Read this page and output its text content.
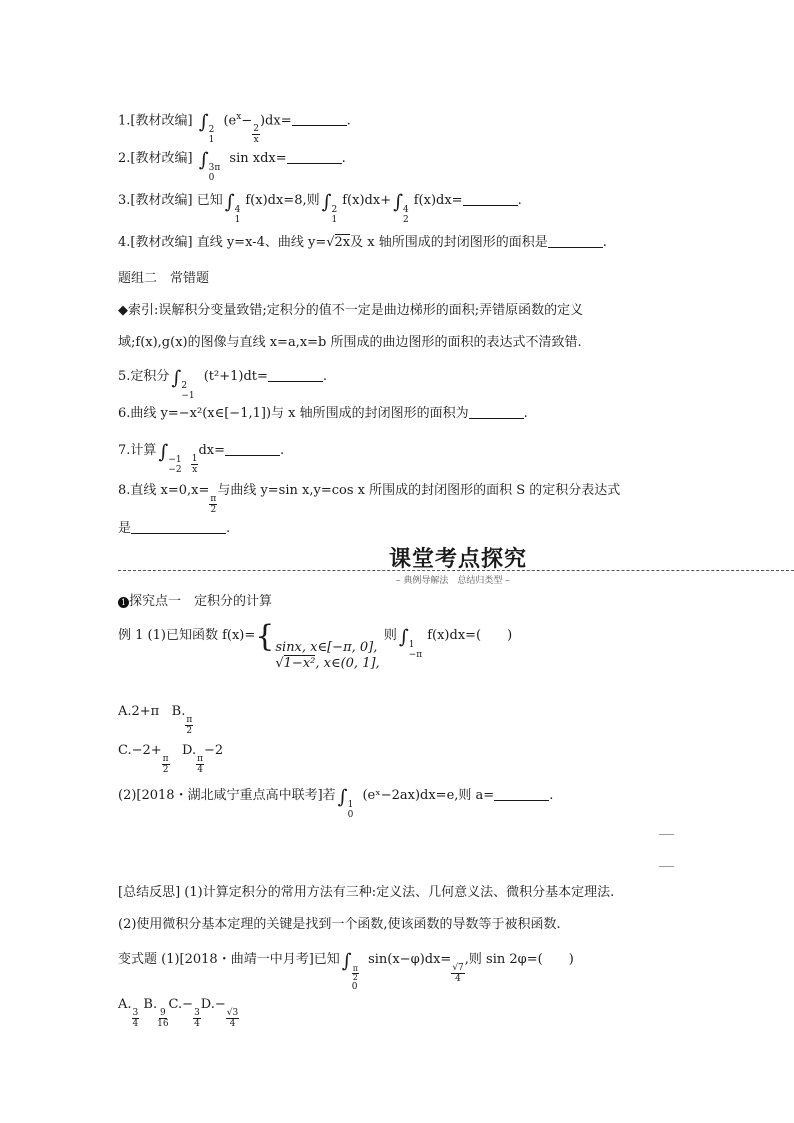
1.[教材改编] ∫ 2
1
($e^x-$
$\frac{2}{x}$
)dx=	.
2.[教材改编] ∫ 3π
0
sin xdx=	.
3.[教材改编] 已知 ∫ 4
1
f(x)dx=8,则 ∫ 2
1
f(x)dx+ ∫ 4
2
f(x)dx=	.
4.[教材改编] 直线 y=x-4、曲线 y=√2x及 x 轴所围成的封闭图形的面积是	.
题组二　常错题
◆索引:误解积分变量致错;定积分的值不一定是曲边梯形的面积;弄错原函数的定义
域;f(x),g(x)的图像与直线 x=a,x=b 所围成的曲边图形的面积的表达式不清致错.
5.定积分 ∫ 2
−1
(t²+1)dt=	.
6.曲线 y=−x²(x∈[−1,1])与 x 轴所围成的封闭图形的面积为	.
7.计算 ∫ −1
−2
$\frac{1}{x}$
dx=	.
8.直线 x=0,x=
$\frac{\pi}{2}$
与曲线 y=sin x,y=cos x 所围成的封闭图形的面积 S 的定积分表达式
是	.
课堂考点探究
– 典例导解法　总结归类型 –
1 探究点一　定积分的计算
例 1 (1)已知函数 f(x)={ sinx, x∈[−π, 0],
√1−x², x∈(0, 1],
则 ∫ 1
−π
f(x)dx=(　　)
A.2+π B.
$\frac{\pi}{2}$
C.−2+
$\frac{\pi}{2}$
D.
$\frac{\pi}{4}$
−2
(2)[2018・湖北咸宁重点高中联考]若 ∫ 1
0
(eˣ−2ax)dx=e,则 a=	.
[总结反思] (1)计算定积分的常用方法有三种:定义法、几何意义法、微积分基本定理法.
(2)使用微积分基本定理的关键是找到一个函数,使该函数的导数等于被积函数.
变式题 (1)[2018・曲靖一中月考]已知 ∫
$\frac{\pi}{2}$
0
sin(x−φ)dx=
$\frac{√7}{4}$
,则 sin 2φ=(　　)
A.
$\frac{3}{4}$
B.
$\frac{9}{16}$
C.−
$\frac{3}{4}$
D.−
$\frac{√3}{4}$
